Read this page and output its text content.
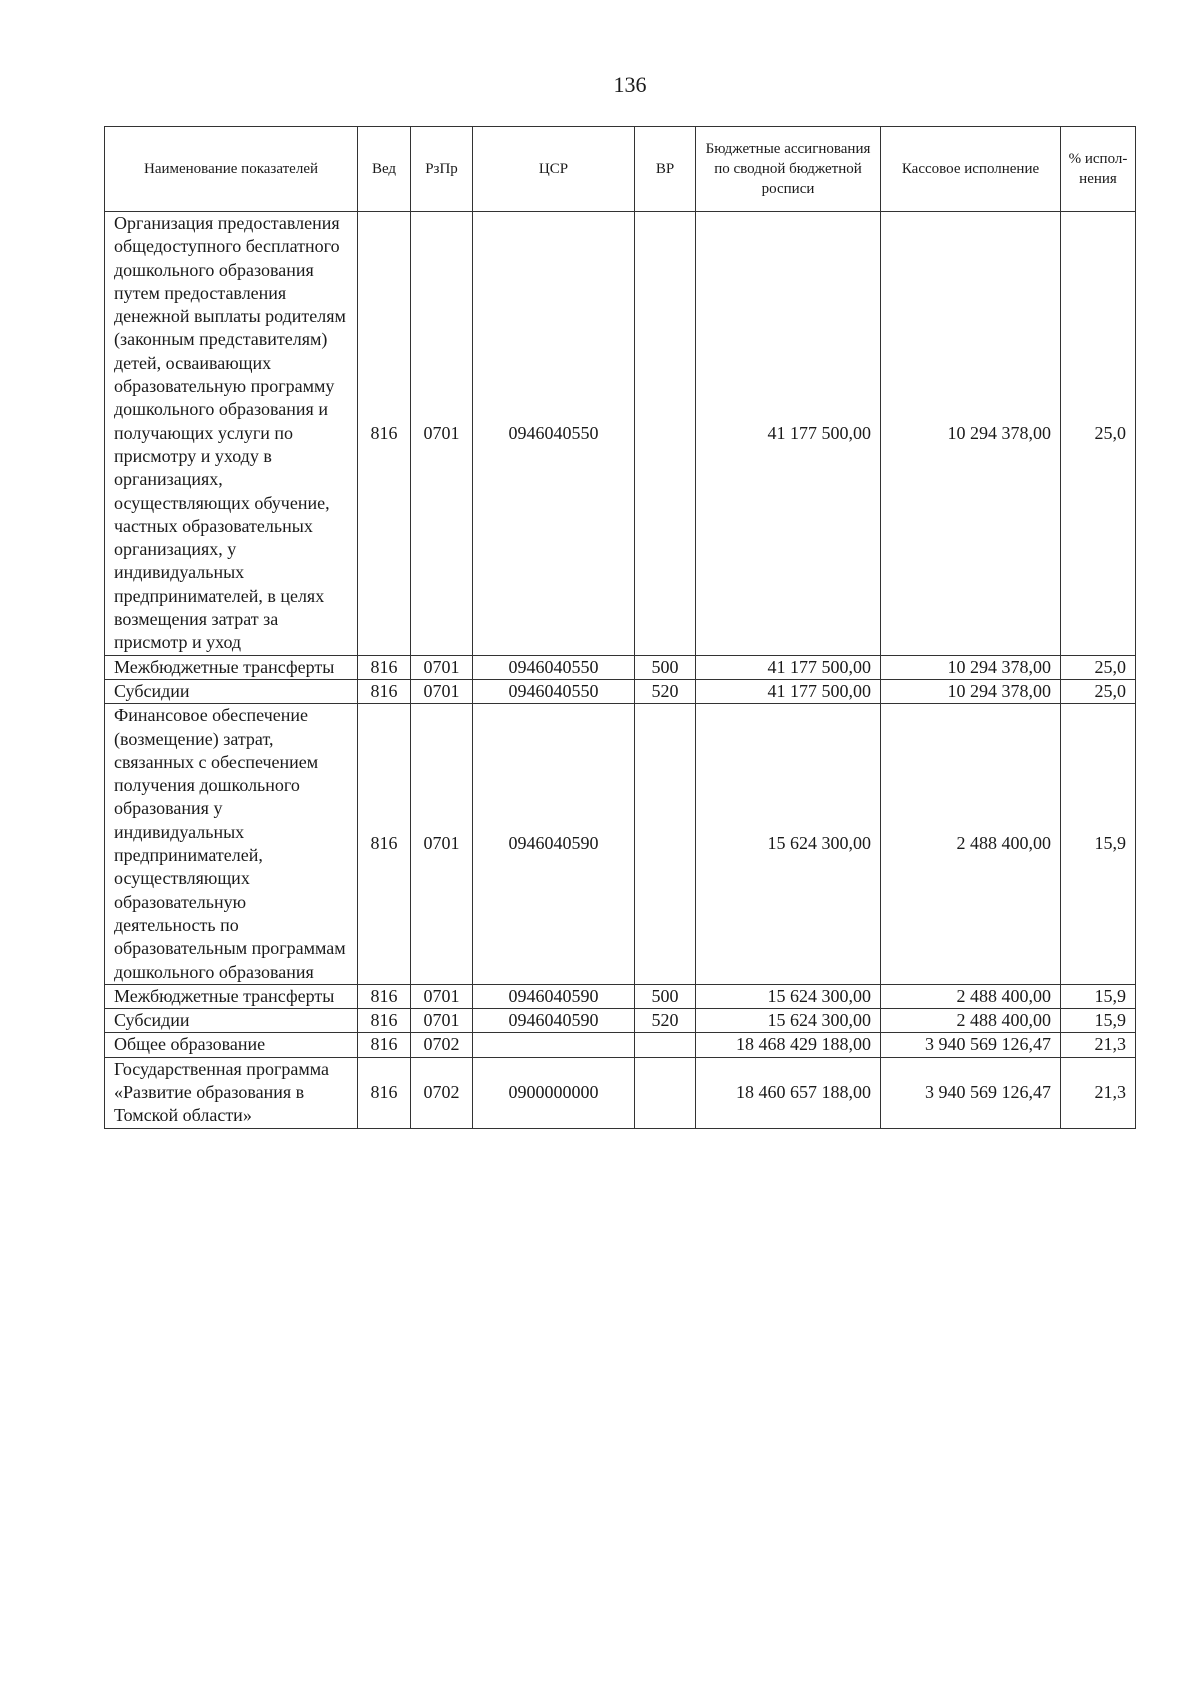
136
Наименование показателей	Вед	РзПр	ЦСР	ВР	Бюджетные ассигнования по сводной бюджетной росписи	Кассовое исполнение	% испол- нения
Организация предоставления общедоступного бесплатного дошкольного образования путем предоставления денежной выплаты родителям (законным представителям) детей, осваивающих образовательную программу дошкольного образования и получающих услуги по присмотру и уходу в организациях, осуществляющих обучение, частных образовательных организациях, у индивидуальных предпринимателей, в целях возмещения затрат за присмотр и уход	816	0701	0946040550		41 177 500,00	10 294 378,00	25,0
Межбюджетные трансферты	816	0701	0946040550	500	41 177 500,00	10 294 378,00	25,0
Субсидии	816	0701	0946040550	520	41 177 500,00	10 294 378,00	25,0
Финансовое обеспечение (возмещение) затрат, связанных с обеспечением получения дошкольного образования у индивидуальных предпринимателей, осуществляющих образовательную деятельность по образовательным программам дошкольного образования	816	0701	0946040590		15 624 300,00	2 488 400,00	15,9
Межбюджетные трансферты	816	0701	0946040590	500	15 624 300,00	2 488 400,00	15,9
Субсидии	816	0701	0946040590	520	15 624 300,00	2 488 400,00	15,9
Общее образование	816	0702			18 468 429 188,00	3 940 569 126,47	21,3
Государственная программа «Развитие образования в Томской области»	816	0702	0900000000		18 460 657 188,00	3 940 569 126,47	21,3
